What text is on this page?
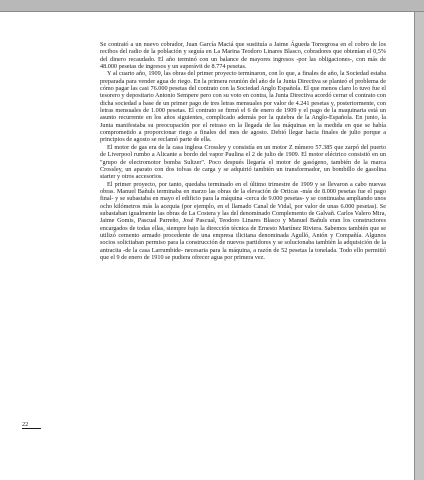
Se contrató a un nuevo cobrador, Juan García Maciá que sustituía a Jaime Águeda Torregrosa en el cobro de los recibos del radio de la población y seguía en La Marina Teodoro Linares Blasco, cobradores que obtenían el 0,5% del dinero recaudado. El año terminó con un balance de mayores ingresos -por las obligaciones-, con más de 48.000 pesetas de ingresos y un superávit de 8.774 pesetas.

Y al cuarto año, 1909, las obras del primer proyecto terminaron, con lo que, a finales de año, la Sociedad estaba preparada para vender agua de riego. En la primera reunión del año de la Junta Directiva se planteó el problema de cómo pagar las casi 76.000 pesetas del contrato con la Sociedad Anglo Española. El que menos claro lo tuvo fue el tesorero y depositario Antonio Sempere pero con su voto en contra, la Junta Directiva acordó cerrar el contrato con dicha sociedad a base de un primer pago de tres letras mensuales por valor de 4.241 pesetas y, posteriormente, con letras mensuales de 1.000 pesetas. El contrato se firmó el 6 de enero de 1909 y el pago de la maquinaria está un asunto recurrente en los años siguientes, complicado además por la quiebra de la Anglo-Española. En junio, la Junta manifestaba su preocupación por el retraso en la llegada de las máquinas en la medida en que se había comprometido a proporcionar riego a finales del mes de agosto. Debió llegar hacia finales de julio porque a principios de agosto se reclamó parte de ella.

El motor de gas era de la casa inglesa Crossley y consistía en un motor Z número 57.385 que zarpó del puerto de Liverpool rumbo a Alicante a bordo del vapor Paulina el 2 de julio de 1909. El motor eléctrico consistió en un "grupo de electromotor bomba Sultzer". Poco después llegaría el motor de gasógeno, también de la marca Crossley, un aparato con dos tolvas de carga y se adquirió también un transformador, un bombillo de gasolina starter y otros accesorios.

El primer proyecto, por tanto, quedaba terminado en el último trimestre de 1909 y se llevaron a cabo nuevas obras. Manuel Bañuls terminaba en marzo las obras de la elevación de Orticas -más de 8.000 pesetas fue el pago final- y se subastaba en mayo el edificio para la máquina -cerca de 9.000 pesetas- y se continuaba ampliando unos ocho kilómetros más la acequia (por ejemplo, en el llamado Canal de Vidal, por valor de unas 6.000 pesetas). Se subastaban igualmente las obras de La Costera y las del denominado Complemento de Galvañ. Carlos Valero Mira, Jaime Gomis, Pascual Parreño, José Pascual, Teodoro Linares Blasco y Manuel Bañuls eran los constructores encargados de todas ellas, siempre bajo la dirección técnica de Ernesto Martínez Riviera. Sabemos también que se utilizó cemento armado procedente de una empresa ilicitana denominada Agulló, Antón y Compañía. Algunos socios solicitaban permiso para la construcción de nuevos partidores y se solucionaba también la adquisición de la antracita -de la casa Larrumbide- necesaria para la máquina, a razón de 52 pesetas la tonelada. Todo ello permitió que el 9 de enero de 1910 se pudiera ofrecer agua por primera vez.

22
